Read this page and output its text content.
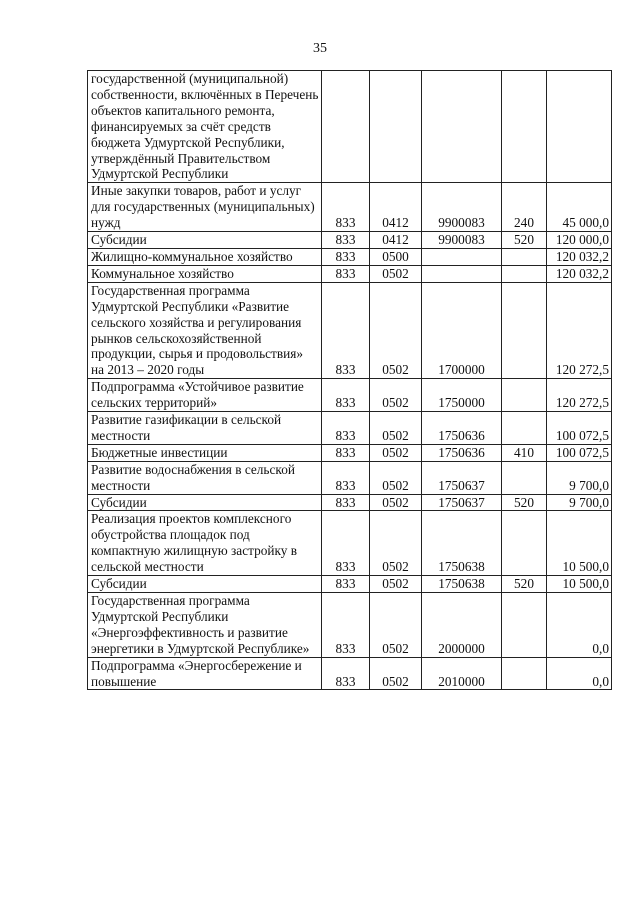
35
государственной (муниципальной) собственности, включённых в Перечень объектов капитального ремонта, финансируемых за счёт средств бюджета Удмуртской Республики, утверждённый Правительством Удмуртской Республики					
Иные закупки товаров, работ и услуг для государственных (муниципальных) нужд	833	0412	9900083	240	45 000,0
Субсидии	833	0412	9900083	520	120 000,0
Жилищно-коммунальное хозяйство	833	0500			120 032,2
Коммунальное хозяйство	833	0502			120 032,2
Государственная программа Удмуртской Республики «Развитие сельского хозяйства и регулирования рынков сельскохозяйственной продукции, сырья и продовольствия» на 2013 – 2020 годы	833	0502	1700000		120 272,5
Подпрограмма «Устойчивое развитие сельских территорий»	833	0502	1750000		120 272,5
Развитие газификации в сельской местности	833	0502	1750636		100 072,5
Бюджетные инвестиции	833	0502	1750636	410	100 072,5
Развитие водоснабжения в сельской местности	833	0502	1750637		9 700,0
Субсидии	833	0502	1750637	520	9 700,0
Реализация проектов комплексного обустройства площадок под компактную жилищную застройку в сельской местности	833	0502	1750638		10 500,0
Субсидии	833	0502	1750638	520	10 500,0
Государственная программа Удмуртской Республики «Энергоэффективность и развитие энергетики в Удмуртской Республике»	833	0502	2000000		0,0
Подпрограмма «Энергосбережение и повышение	833	0502	2010000		0,0
